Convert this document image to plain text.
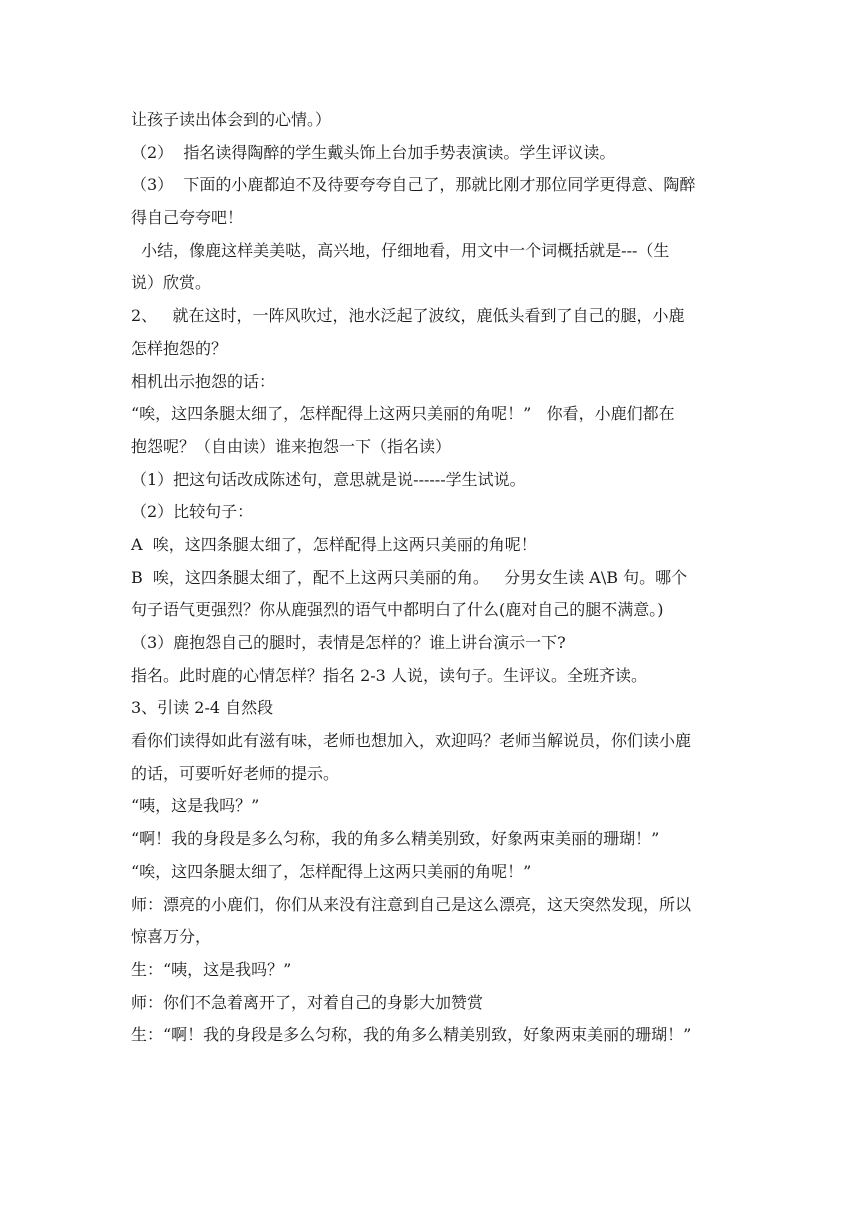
让孩子读出体会到的心情。）
（2）  指名读得陶醉的学生戴头饰上台加手势表演读。学生评议读。
（3）  下面的小鹿都迫不及待要夸夸自己了，那就比刚才那位同学更得意、陶醉
得自己夸夸吧！
小结，像鹿这样美美哒，高兴地，仔细地看，用文中一个词概括就是---（生
说）欣赏。
2、   就在这时，一阵风吹过，池水泛起了波纹，鹿低头看到了自己的腿，小鹿
怎样抱怨的？
相机出示抱怨的话：
“唉，这四条腿太细了，怎样配得上这两只美丽的角呢！”   你看，小鹿们都在
抱怨呢？（自由读）谁来抱怨一下（指名读）
（1）把这句话改成陈述句，意思就是说------学生试说。
（2）比较句子：
A  唉，这四条腿太细了，怎样配得上这两只美丽的角呢！
B  唉，这四条腿太细了，配不上这两只美丽的角。   分男女生读 A\B 句。哪个
句子语气更强烈？你从鹿强烈的语气中都明白了什么(鹿对自己的腿不满意。)
（3）鹿抱怨自己的腿时，表情是怎样的？谁上讲台演示一下?
指名。此时鹿的心情怎样？指名 2-3 人说，读句子。生评议。全班齐读。
3、引读 2-4 自然段
看你们读得如此有滋有味，老师也想加入，欢迎吗？老师当解说员，你们读小鹿
的话，可要听好老师的提示。
“咦，这是我吗？”
“啊！我的身段是多么匀称，我的角多么精美别致，好象两束美丽的珊瑚！”
“唉，这四条腿太细了，怎样配得上这两只美丽的角呢！”
师：漂亮的小鹿们，你们从来没有注意到自己是这么漂亮，这天突然发现，所以
惊喜万分，
生：“咦，这是我吗？”
师：你们不急着离开了，对着自己的身影大加赞赏
生：“啊！我的身段是多么匀称，我的角多么精美别致，好象两束美丽的珊瑚！”
